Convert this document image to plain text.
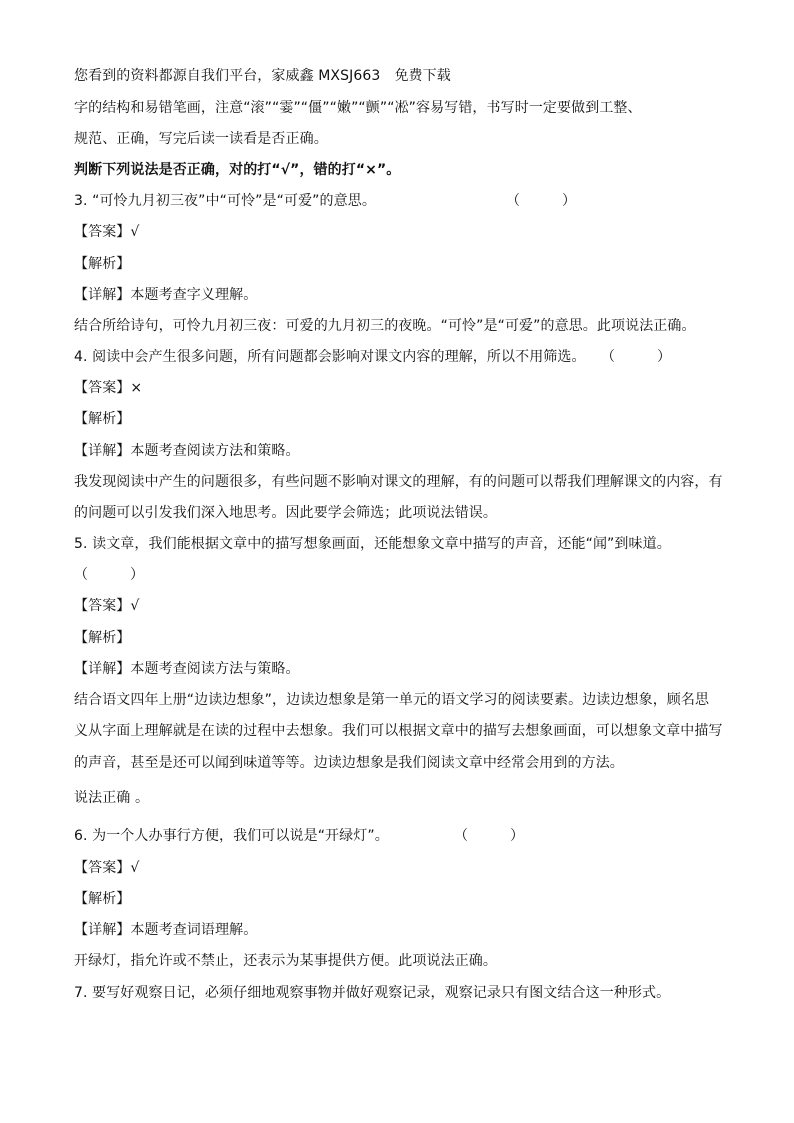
您看到的资料都源自我们平台，家威鑫 MXSJ663　免费下载
字的结构和易错笔画，注意“滚”“霎”“僵”“嫩”“颤”“凇”容易写错，书写时一定要做到工整、
规范、正确，写完后读一读看是否正确。
判断下列说法是否正确，对的打“√”，错的打“×”。
3. “可怜九月初三夜”中“可怜”是“可爱”的意思。	（　　　）
【答案】√
【解析】
【详解】本题考查字义理解。
结合所给诗句，可怜九月初三夜：可爱的九月初三的夜晚。“可怜”是“可爱”的意思。此项说法正确。
4. 阅读中会产生很多问题，所有问题都会影响对课文内容的理解，所以不用筛选。 （　　　）
【答案】×
【解析】
【详解】本题考查阅读方法和策略。
我发现阅读中产生的问题很多，有些问题不影响对课文的理解，有的问题可以帮我们理解课文的内容，有
的问题可以引发我们深入地思考。因此要学会筛选；此项说法错误。
5. 读文章，我们能根据文章中的描写想象画面，还能想象文章中描写的声音，还能“闻”到味道。
（　　　）
【答案】√
【解析】
【详解】本题考查阅读方法与策略。
结合语文四年上册“边读边想象”，边读边想象是第一单元的语文学习的阅读要素。边读边想象，顾名思
义从字面上理解就是在读的过程中去想象。我们可以根据文章中的描写去想象画面，可以想象文章中描写
的声音，甚至是还可以闻到味道等等。边读边想象是我们阅读文章中经常会用到的方法。
说法正确 。
6. 为一个人办事行方便，我们可以说是“开绿灯”。	（　　　）
【答案】√
【解析】
【详解】本题考查词语理解。
开绿灯，指允许或不禁止，还表示为某事提供方便。此项说法正确。
7. 要写好观察日记，必须仔细地观察事物并做好观察记录，观察记录只有图文结合这一种形式。
